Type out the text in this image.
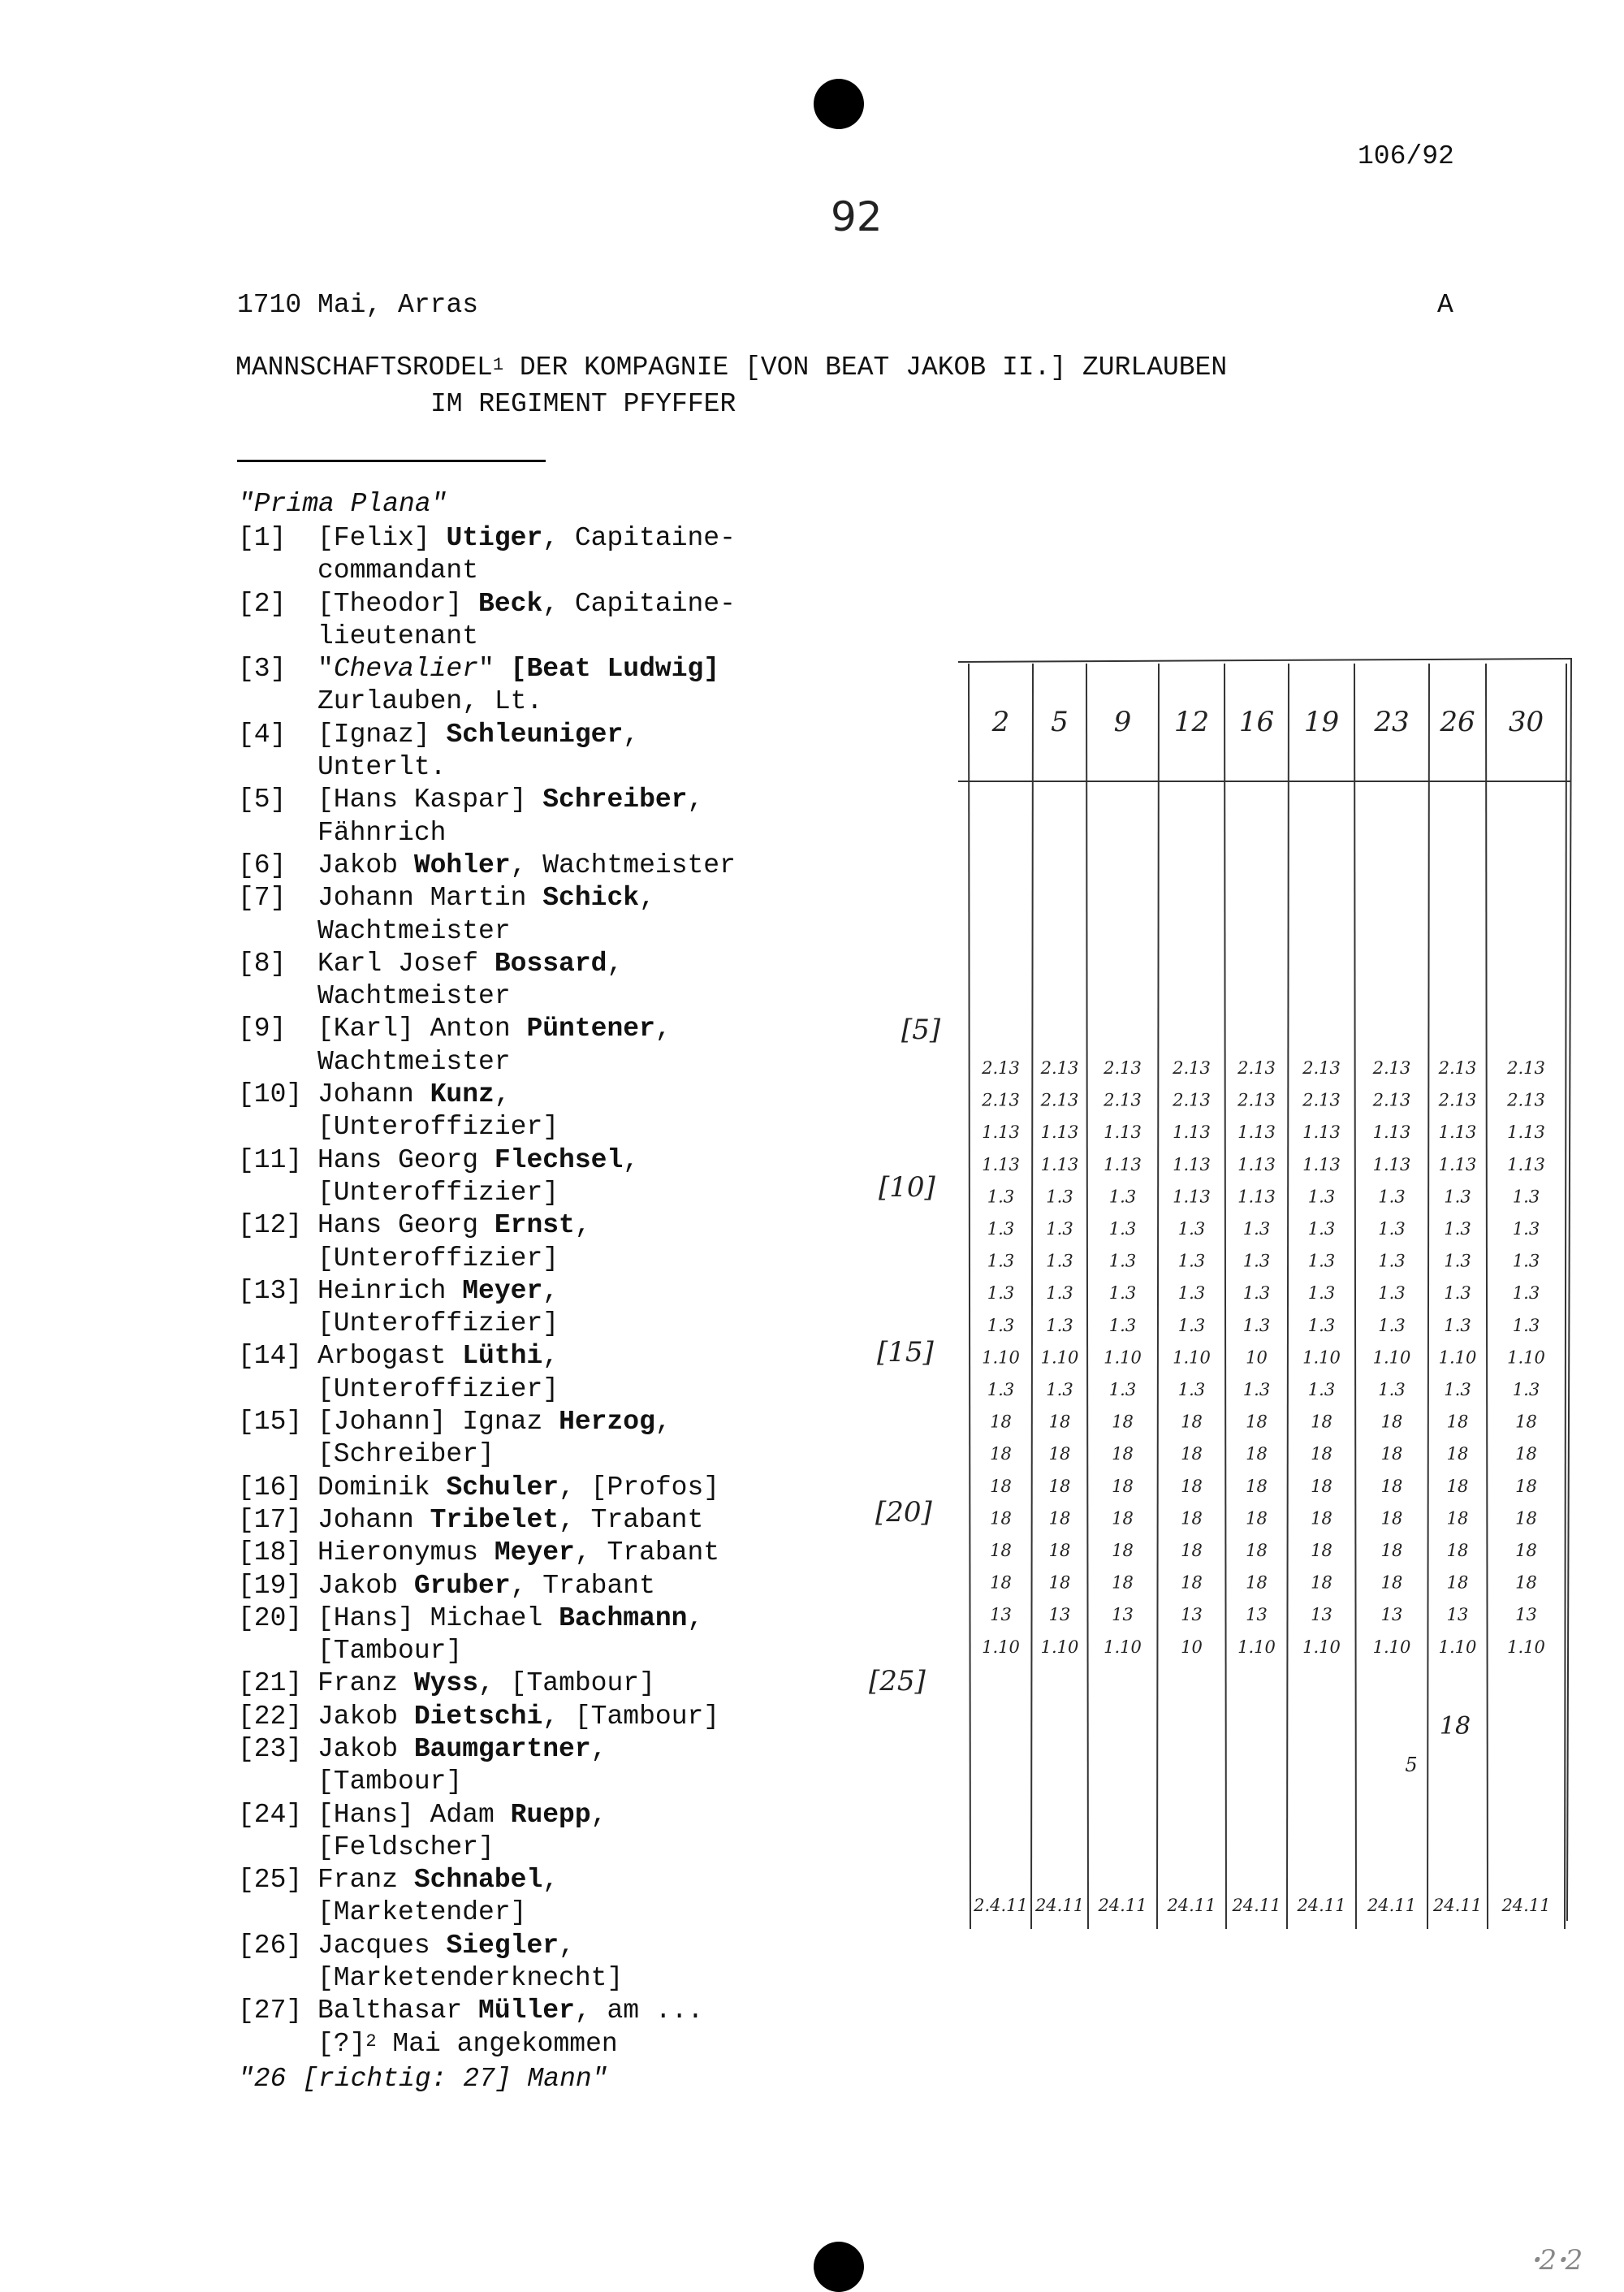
106/92
92
1710 Mai, Arras	A
MANNSCHAFTSRODEL$^1$ DER KOMPAGNIE [VON BEAT JAKOB II.] ZURLAUBEN
IM REGIMENT PFYFFER
"Prima Plana"
[1]	[Felix] Utiger, Capitaine-
commandant
[2]	[Theodor] Beck, Capitaine-
lieutenant
[3]	"Chevalier" [Beat Ludwig]
Zurlauben, Lt.
[4]	[Ignaz] Schleuniger,
Unterlt.
[5]	[Hans Kaspar] Schreiber,
Fähnrich
[6]	Jakob Wohler, Wachtmeister
[7]	Johann Martin Schick,
Wachtmeister
[8]	Karl Josef Bossard,
Wachtmeister
[9]	[Karl] Anton Püntener,
Wachtmeister
[10] Johann Kunz,
[Unteroffizier]
[11] Hans Georg Flechsel,
[Unteroffizier]
[12] Hans Georg Ernst,
[Unteroffizier]
[13] Heinrich Meyer,
[Unteroffizier]
[14] Arbogast Lüthi,
[Unteroffizier]
[15] [Johann] Ignaz Herzog,
[Schreiber]
[16] Dominik Schuler, [Profos]
[17] Johann Tribelet, Trabant
[18] Hieronymus Meyer, Trabant
[19] Jakob Gruber, Trabant
[20] [Hans] Michael Bachmann,
[Tambour]
[21] Franz Wyss, [Tambour]
[22] Jakob Dietschi, [Tambour]
[23] Jakob Baumgartner,
[Tambour]
[24] [Hans] Adam Ruepp,
[Feldscher]
[25] Franz Schnabel,
[Marketender]
[26] Jacques Siegler,
[Marketenderknecht]
[27] Balthasar Müller, am ...
[?]$^2$ Mai angekommen
"26 [richtig: 27] Mann"
[5]
[10]
[15]
[20]
[25]
2 5 9 12 16 19 23 26 30
2.13 2.13 2.13 2.13 2.13 2.13 2.13 2.13 2.13
2.13 2.13 2.13 2.13 2.13 2.13 2.13 2.13 2.13
1.13 1.13 1.13 1.13 1.13 1.13 1.13 1.13 1.13
1.13 1.13 1.13 1.13 1.13 1.13 1.13 1.13 1.13
1.3 1.3 1.3 1.13 1.13 1.3	1.3 1.3 1.3
1.3 1.3 1.3 1.3 1.3 1.3	1.3 1.3 1.3
1.3 1.3 1.3 1.3 1.3 1.3	1.3 1.3 1.3
1.3 1.3 1.3 1.3 1.3 1.3	1.3 1.3 1.3
1.3 1.3 1.3 1.3 1.3 1.3	1.3 1.3 1.3
1.10 1.10 1.10 1.10 10 1.10 1.10 1.10 1.10
1.3 1.3 1.3 1.3 1.3 1.3	1.3 1.3 1.3
18 18 18	18	18	18	18	18	18
18 18 18	18	18	18	18	18	18
18 18 18	18	18	18	18	18	18
18 18 18	18	18	18	18	18	18
18 18 18	18	18	18	18	18	18
18 18 18	18	18	18	18	18	18
13 13 13	13	13	13	13	13	13
1.10 1.10 1.10 10 1.10 1.10 1.10 1.10 1.10
2.4.11 24.11 24.11 24.11 24.11 24.11 24.11 24.11 24.11
5
18
ꞏ2ꞏ2
